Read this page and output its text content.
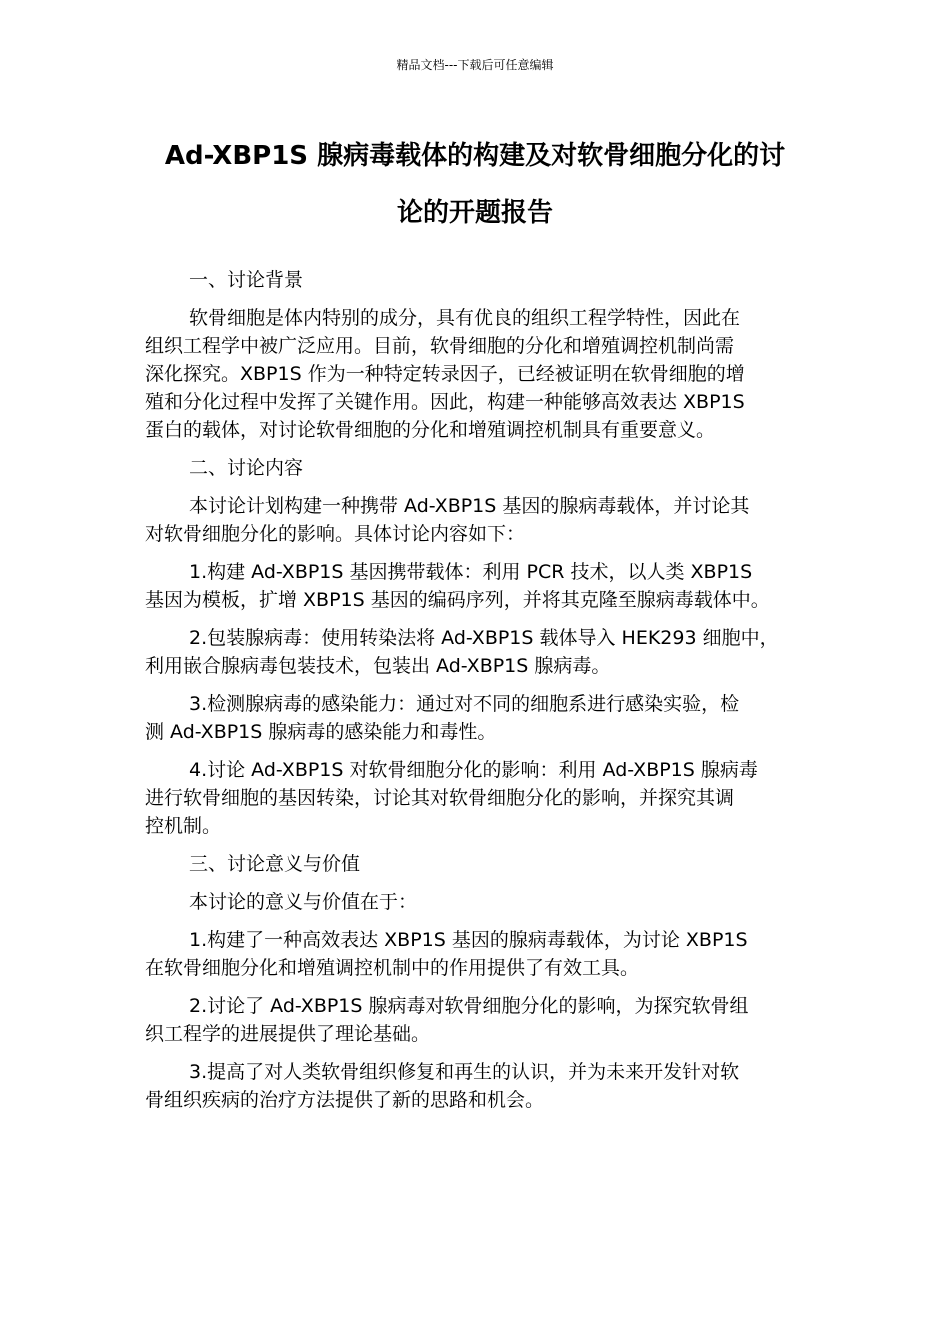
精品文档---下载后可任意编辑
Ad-XBP1S 腺病毒载体的构建及对软骨细胞分化的讨
论的开题报告

一、讨论背景

软骨细胞是体内特别的成分，具有优良的组织工程学特性，因此在
组织工程学中被广泛应用。目前，软骨细胞的分化和增殖调控机制尚需
深化探究。XBP1S 作为一种特定转录因子，已经被证明在软骨细胞的增
殖和分化过程中发挥了关键作用。因此，构建一种能够高效表达 XBP1S
蛋白的载体，对讨论软骨细胞的分化和增殖调控机制具有重要意义。

二、讨论内容

本讨论计划构建一种携带 Ad-XBP1S 基因的腺病毒载体，并讨论其
对软骨细胞分化的影响。具体讨论内容如下：

1.构建 Ad-XBP1S 基因携带载体：利用 PCR 技术，以人类 XBP1S
基因为模板，扩增 XBP1S 基因的编码序列，并将其克隆至腺病毒载体中。

2.包装腺病毒：使用转染法将 Ad-XBP1S 载体导入 HEK293 细胞中，
利用嵌合腺病毒包装技术，包装出 Ad-XBP1S 腺病毒。

3.检测腺病毒的感染能力：通过对不同的细胞系进行感染实验，检
测 Ad-XBP1S 腺病毒的感染能力和毒性。

4.讨论 Ad-XBP1S 对软骨细胞分化的影响：利用 Ad-XBP1S 腺病毒
进行软骨细胞的基因转染，讨论其对软骨细胞分化的影响，并探究其调
控机制。

三、讨论意义与价值

本讨论的意义与价值在于：

1.构建了一种高效表达 XBP1S 基因的腺病毒载体，为讨论 XBP1S
在软骨细胞分化和增殖调控机制中的作用提供了有效工具。

2.讨论了 Ad-XBP1S 腺病毒对软骨细胞分化的影响，为探究软骨组
织工程学的进展提供了理论基础。

3.提高了对人类软骨组织修复和再生的认识，并为未来开发针对软
骨组织疾病的治疗方法提供了新的思路和机会。
